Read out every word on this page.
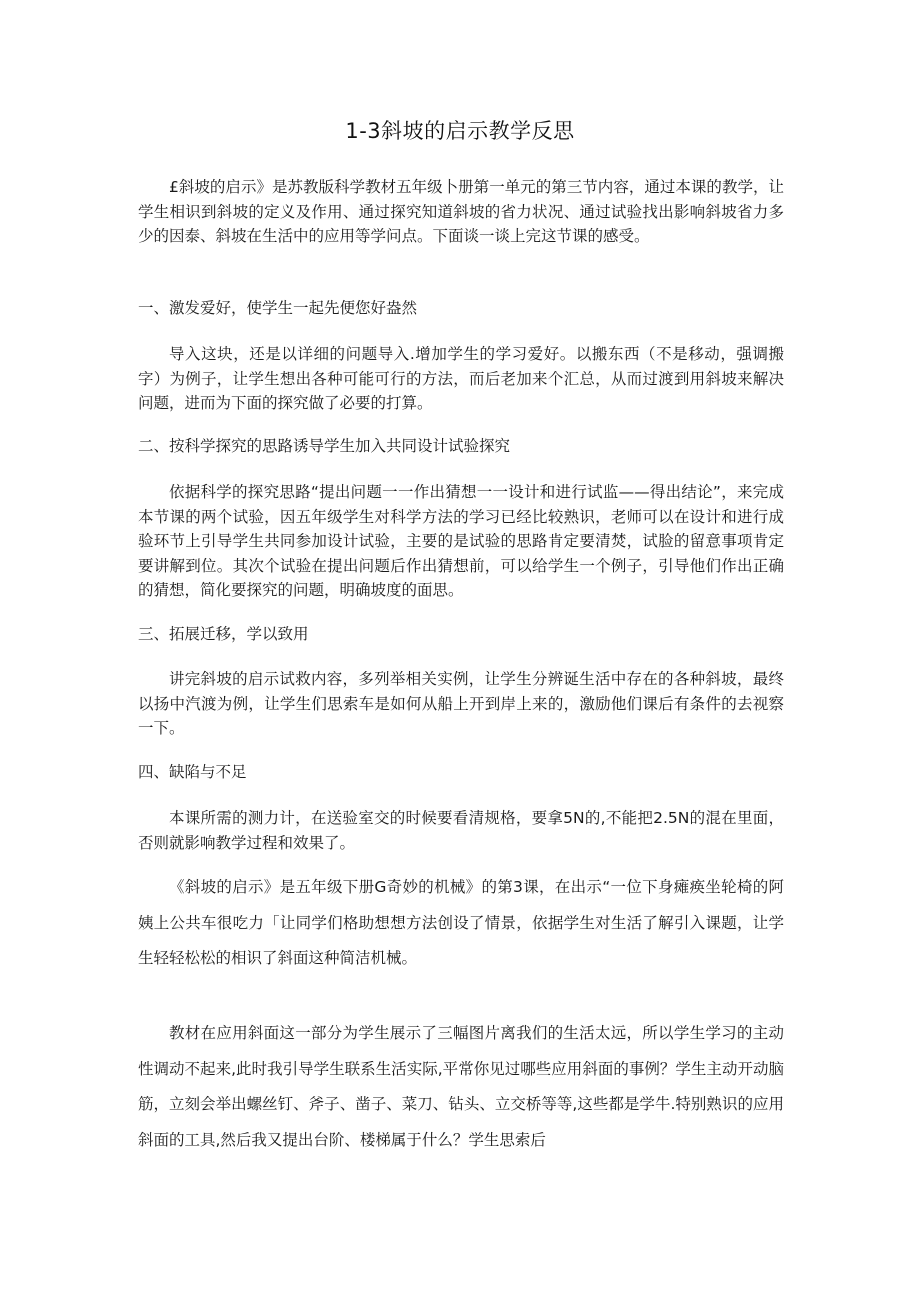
1-3斜坡的启示教学反思
£斜坡的启示》是苏教版科学教材五年级卜册第一单元的第三节内容，通过本课的教学，让学生相识到斜坡的定义及作用、通过探究知道斜坡的省力状况、通过试验找出影响斜坡省力多少的因泰、斜坡在生活中的应用等学问点。下面谈一谈上完这节课的感受。
一、激发爱好，使学生一起先便您好盎然
导入这块，还是以详细的问题导入.增加学生的学习爱好。以搬东西（不是移动，强调搬字）为例子，让学生想出各种可能可行的方法，而后老加来个汇总，从而过渡到用斜坡来解决问题，进而为下面的探究做了必要的打算。
二、按科学探究的思路诱导学生加入共同设计试验探究
依据科学的探究思路“提出问题一一作出猜想一一设计和进行试监——得出结论”，来完成本节课的两个试验，因五年级学生对科学方法的学习已经比较熟识，老师可以在设计和进行成验环节上引导学生共同参加设计试验，主要的是试验的思路肯定要清焚，试脸的留意事项肯定要讲解到位。其次个试验在提出问题后作出猜想前，可以给学生一个例子，引导他们作出正确的猜想，简化要探究的问题，明确坡度的面思。
三、拓展迁移，学以致用
讲完斜坡的启示试救内容，多列举相关实例，让学生分辨诞生活中存在的各种斜坡，最终以扬中汽渡为例，让学生们思索车是如何从船上开到岸上来的，激励他们课后有条件的去视察一下。
四、缺陷与不足
本课所需的测力计，在送验室交的时候要看清规格，要拿5N的,不能把2.5N的混在里面，否则就影响教学过程和效果了。
《斜坡的启示》是五年级下册G奇妙的机械》的第3课，在出示“一位下身瘫痪坐轮椅的阿姨上公共车很吃力「让同学们格助想想方法创设了情景，依据学生对生活了解引入课题，让学生轻轻松松的相识了斜面这种简洁机械。
教材在应用斜面这一部分为学生展示了三幅图片离我们的生活太远，所以学生学习的主动性调动不起来,此时我引导学生联系生活实际,平常你见过哪些应用斜面的事例？学生主动开动脑筋，立刻会举出螺丝钉、斧子、凿子、菜刀、钻头、立交桥等等,这些都是学牛.特别熟识的应用斜面的工具,然后我又提出台阶、楼梯属于什么？学生思索后
